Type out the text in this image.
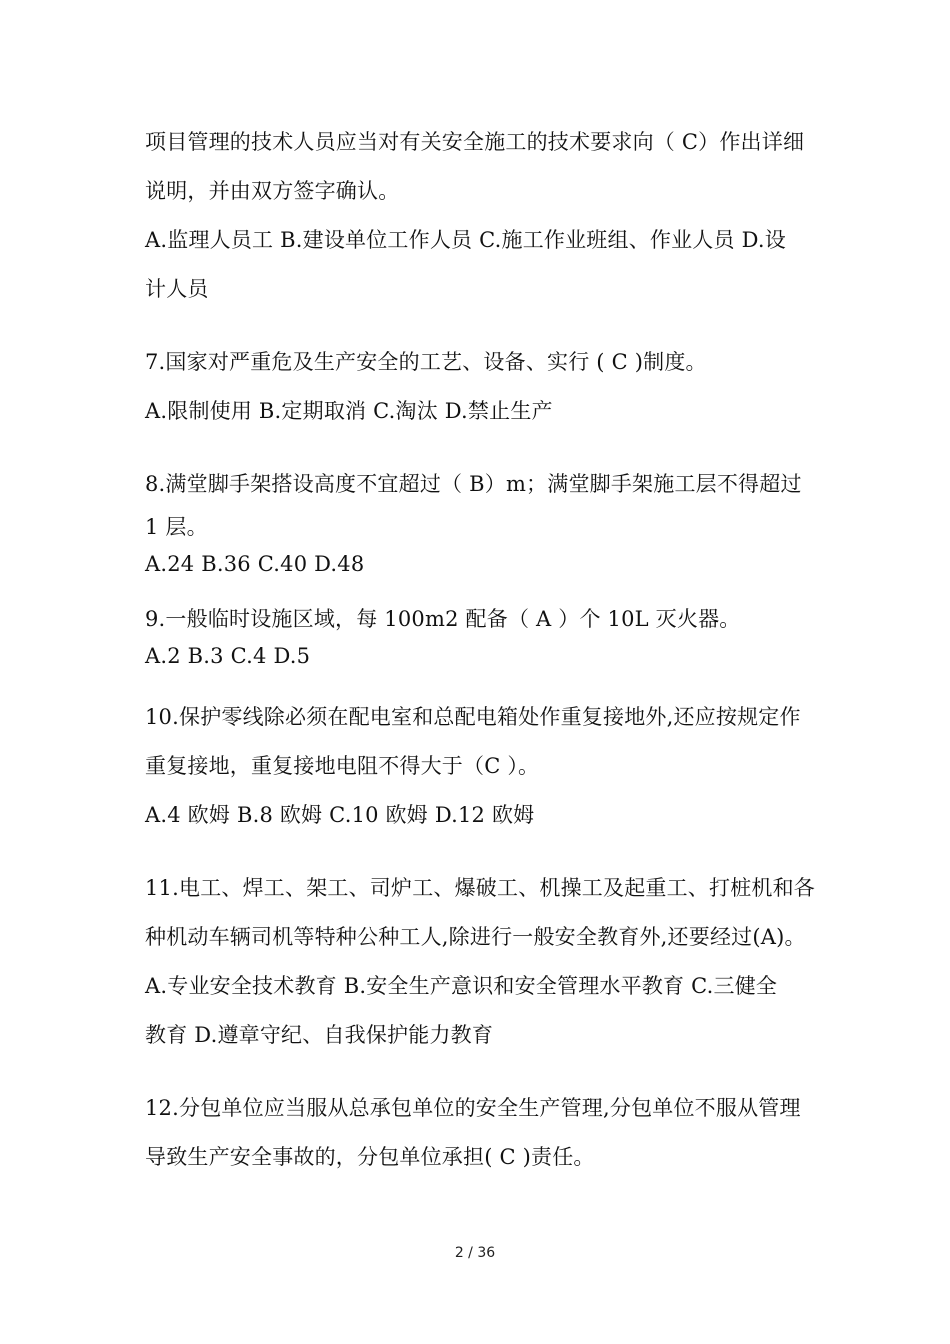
项目管理的技术人员应当对有关安全施工的技术要求向（ C）作出详细
说明，并由双方签字确认。
A.监理人员工 B.建设单位工作人员 C.施工作业班组、作业人员 D.设
计人员
7.国家对严重危及生产安全的工艺、设备、实行 ( C )制度。
A.限制使用 B.定期取消 C.淘汰 D.禁止生产
8.满堂脚手架搭设高度不宜超过（ B）m；满堂脚手架施工层不得超过
1 层。
A.24 B.36 C.40 D.48
9.一般临时设施区域，每 100m2 配备（ A ）个 10L 灭火器。
A.2 B.3 C.4 D.5
10.保护零线除必须在配电室和总配电箱处作重复接地外,还应按规定作
重复接地，重复接地电阻不得大于（C ）。
A.4 欧姆 B.8 欧姆 C.10 欧姆 D.12 欧姆
11.电工、焊工、架工、司炉工、爆破工、机操工及起重工、打桩机和各
种机动车辆司机等特种公种工人,除进行一般安全教育外,还要经过(A)。
A.专业安全技术教育 B.安全生产意识和安全管理水平教育 C.三健全
教育 D.遵章守纪、自我保护能力教育
12.分包单位应当服从总承包单位的安全生产管理,分包单位不服从管理
导致生产安全事故的，分包单位承担( C )责任。
2 / 36
